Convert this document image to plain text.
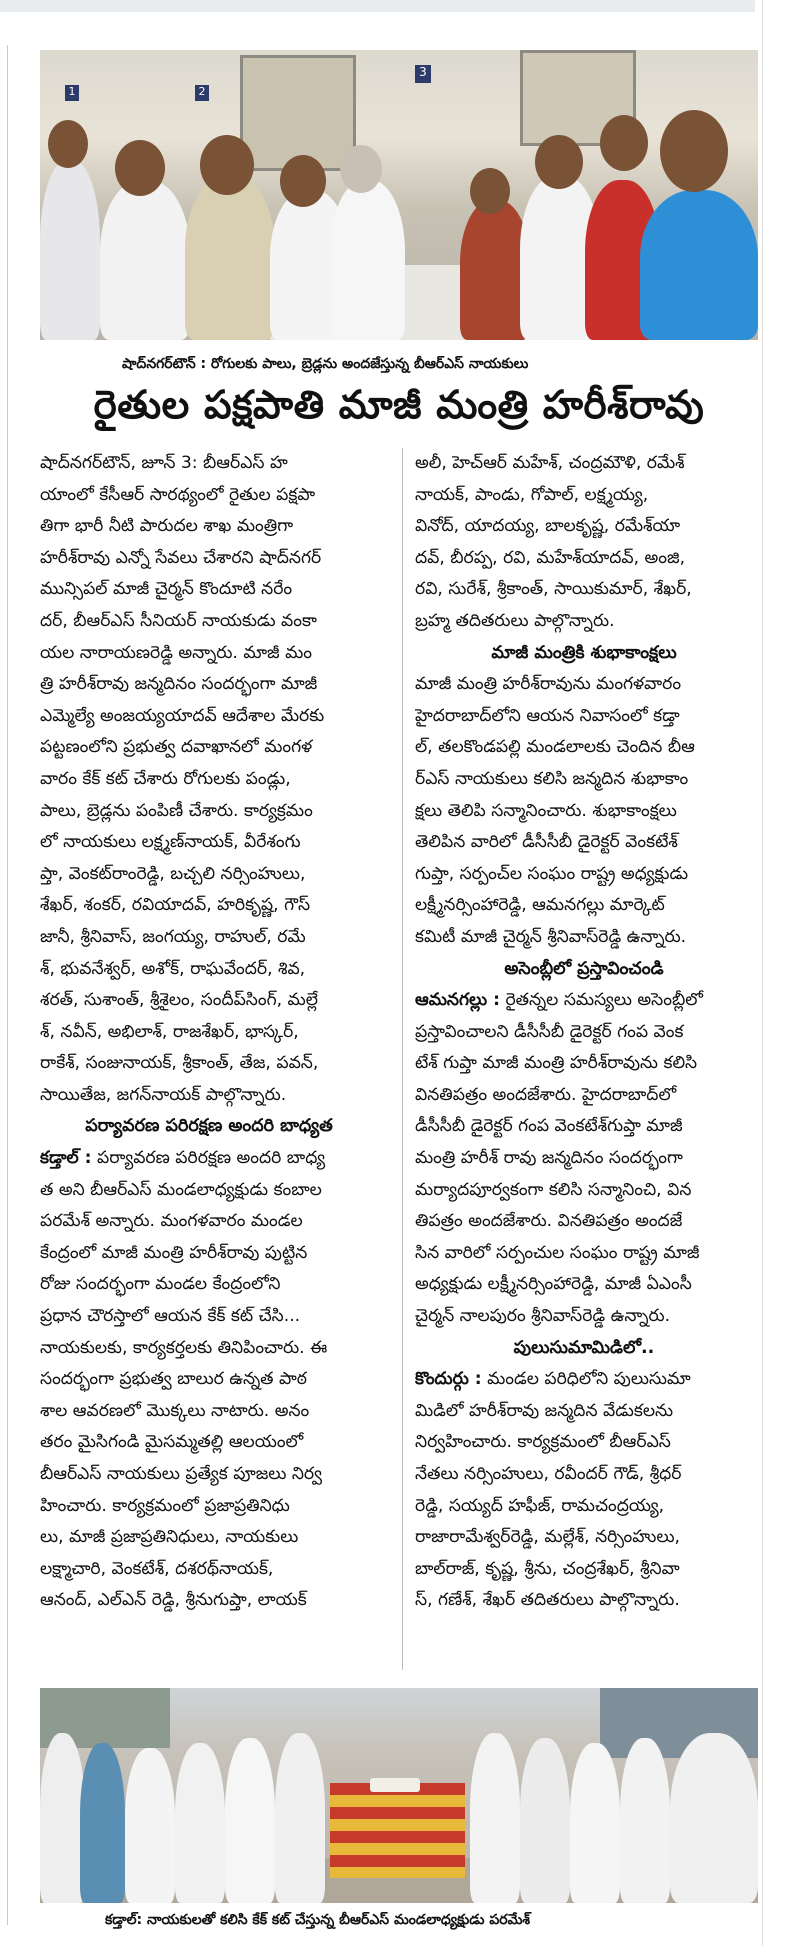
1	2
3
షాద్‌నగర్‌టౌన్ : రోగులకు పాలు, బ్రెడ్లను అందజేస్తున్న బీఆర్ఎస్ నాయకులు
రైతుల పక్షపాతి మాజీ మంత్రి హరీశ్‌రావు

షాద్‌నగర్‌టౌన్, జూన్ 3: బీఆర్ఎస్ హ

యాంలో కేసీఆర్ సారథ్యంలో రైతుల పక్షపా

తిగా భారీ నీటి పారుదల శాఖ మంత్రిగా

హరీశ్‌రావు ఎన్నో సేవలు చేశారని షాద్‌నగర్

మున్సిపల్ మాజీ చైర్మన్ కొందూటి నరేం

దర్, బీఆర్ఎస్ సీనియర్ నాయకుడు వంకా

యల నారాయణరెడ్డి అన్నారు. మాజీ మం

త్రి హరీశ్‌రావు జన్మదినం సందర్భంగా మాజీ

ఎమ్మెల్యే అంజయ్యయాదవ్ ఆదేశాల మేరకు

పట్టణంలోని ప్రభుత్వ దవాఖానలో మంగళ

వారం కేక్ కట్ చేశారు రోగులకు పండ్లు,

పాలు, బ్రెడ్లను పంపిణీ చేశారు. కార్యక్రమం

లో నాయకులు లక్ష్మణ్‌నాయక్, వీరేశంగు

ప్తా, వెంకట్‌రాంరెడ్డి, బచ్చలి నర్సింహులు,

శేఖర్, శంకర్, రవియాదవ్, హరికృష్ణ, గౌస్

జానీ, శ్రీనివాస్, జంగయ్య, రాహుల్, రమే

శ్, భువనేశ్వర్, అశోక్, రాఘవేందర్, శివ,

శరత్, సుశాంత్, శ్రీశైలం, సందీప్‌సింగ్, మల్లే

శ్, నవీన్, అభిలాశ్, రాజశేఖర్, భాస్కర్,

రాకేశ్, సంజునాయక్, శ్రీకాంత్, తేజ, పవన్,

సాయితేజ, జగన్‌నాయక్ పాల్గొన్నారు.

పర్యావరణ పరిరక్షణ అందరి బాధ్యత

కడ్తాల్ : పర్యావరణ పరిరక్షణ అందరి బాధ్య

త అని బీఆర్ఎస్ మండలాధ్యక్షుడు కంబాల

పరమేశ్ అన్నారు. మంగళవారం మండల

కేంద్రంలో మాజీ మంత్రి హరీశ్‌రావు పుట్టిన

రోజు సందర్భంగా మండల కేంద్రంలోని

ప్రధాన చౌరస్తాలో ఆయన కేక్ కట్ చేసి...

నాయకులకు, కార్యకర్తలకు తినిపించారు. ఈ

సందర్భంగా ప్రభుత్వ బాలుర ఉన్నత పాఠ

శాల ఆవరణలో మొక్కలు నాటారు. అనం

తరం మైసిగండి మైసమ్మతల్లి ఆలయంలో

బీఆర్ఎస్ నాయకులు ప్రత్యేక పూజలు నిర్వ

హించారు. కార్యక్రమంలో ప్రజాప్రతినిధు

లు, మాజీ ప్రజాప్రతినిధులు, నాయకులు

లక్ష్మాచారి, వెంకటేశ్, దశరథ్‌నాయక్,

ఆనంద్, ఎల్ఎన్ రెడ్డి, శ్రీనుగుప్తా, లాయక్

అలీ, హెచ్ఆర్ మహేశ్, చంద్రమౌళి, రమేశ్

నాయక్, పాండు, గోపాల్, లక్ష్మయ్య,

వినోద్, యాదయ్య, బాలకృష్ణ, రమేశ్‌యా

దవ్, బీరప్ప, రవి, మహేశ్‌యాదవ్, అంజి,

రవి, సురేశ్, శ్రీకాంత్, సాయికుమార్, శేఖర్,

బ్రహ్మ తదితరులు పాల్గొన్నారు.

మాజీ మంత్రికి శుభాకాంక్షలు

మాజీ మంత్రి హరీశ్‌రావును మంగళవారం

హైదరాబాద్‌లోని ఆయన నివాసంలో కడ్తా

ల్, తలకొండపల్లి మండలాలకు చెందిన బీఆ

ర్ఎస్ నాయకులు కలిసి జన్మదిన శుభాకాం

క్షలు తెలిపి సన్మానించారు. శుభాకాంక్షలు

తెలిపిన వారిలో డీసీసీబీ డైరెక్టర్ వెంకటేశ్

గుప్తా, సర్పంచ్‌ల సంఘం రాష్ట్ర అధ్యక్షుడు

లక్ష్మీనర్సింహారెడ్డి, ఆమనగల్లు మార్కెట్

కమిటీ మాజీ చైర్మన్ శ్రీనివాస్‌రెడ్డి ఉన్నారు.

అసెంబ్లీలో ప్రస్తావించండి

ఆమనగల్లు : రైతన్నల సమస్యలు అసెంబ్లీలో

ప్రస్తావించాలని డీసీసీబీ డైరెక్టర్ గంప వెంక

టేశ్ గుప్తా మాజీ మంత్రి హరీశ్‌రావును కలిసి

వినతిపత్రం అందజేశారు. హైదరాబాద్‌లో

డీసీసీబీ డైరెక్టర్ గంప వెంకటేశ్‌గుప్తా మాజీ

మంత్రి హరీశ్ రావు జన్మదినం సందర్భంగా

మర్యాదపూర్వకంగా కలిసి సన్మానించి, విన

తిపత్రం అందజేశారు. వినతిపత్రం అందజే

సిన వారిలో సర్పంచుల సంఘం రాష్ట్ర మాజీ

అధ్యక్షుడు లక్ష్మీనర్సింహారెడ్డి, మాజీ ఏఎంసీ

చైర్మన్ నాలపురం శ్రీనివాస్‌రెడ్డి ఉన్నారు.

పులుసుమామిడిలో..

కొందుర్గు : మండల పరిధిలోని పులుసుమా

మిడిలో హరీశ్‌రావు జన్మదిన వేడుకలను

నిర్వహించారు. కార్యక్రమంలో బీఆర్ఎస్

నేతలు నర్సింహులు, రవీందర్ గౌడ్, శ్రీధర్

రెడ్డి, సయ్యద్ హఫీజ్, రామచంద్రయ్య,

రాజారామేశ్వర్‌రెడ్డి, మల్లేశ్, నర్సింహులు,

బాల్‌రాజ్, కృష్ణ, శ్రీను, చంద్రశేఖర్, శ్రీనివా

స్, గణేశ్, శేఖర్ తదితరులు పాల్గొన్నారు.

కడ్తాల్: నాయకులతో కలిసి కేక్ కట్ చేస్తున్న బీఆర్ఎస్ మండలాధ్యక్షుడు పరమేశ్
